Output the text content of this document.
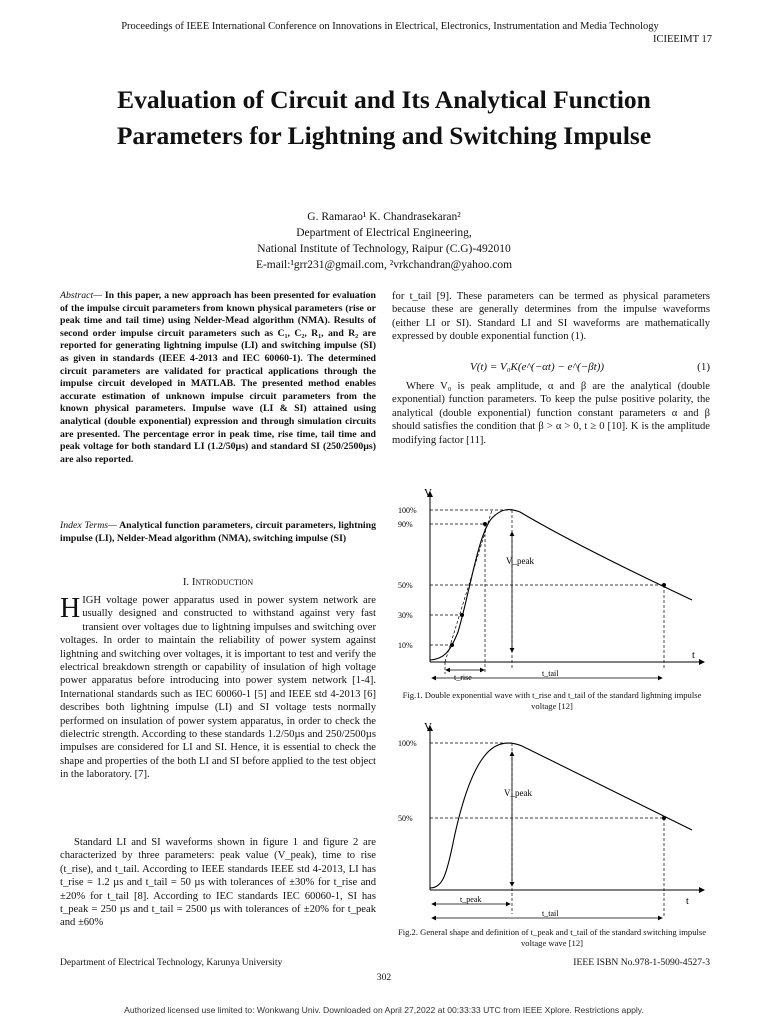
Proceedings of IEEE International Conference on Innovations in Electrical, Electronics, Instrumentation and Media Technology
ICIEEIMT 17
Evaluation of Circuit and Its Analytical Function Parameters for Lightning and Switching Impulse
G. Ramarao¹ K. Chandrasekaran²
Department of Electrical Engineering,
National Institute of Technology, Raipur (C.G)-492010
E-mail:¹grr231@gmail.com, ²vrkchandran@yahoo.com
Abstract— In this paper, a new approach has been presented for evaluation of the impulse circuit parameters from known physical parameters (rise or peak time and tail time) using Nelder-Mead algorithm (NMA). Results of second order impulse circuit parameters such as C₁, C₂, R₁, and R₂ are reported for generating lightning impulse (LI) and switching impulse (SI) as given in standards (IEEE 4-2013 and IEC 60060-1). The determined circuit parameters are validated for practical applications through the impulse circuit developed in MATLAB. The presented method enables accurate estimation of unknown impulse circuit parameters from the known physical parameters. Impulse wave (LI & SI) attained using analytical (double exponential) expression and through simulation circuits are presented. The percentage error in peak time, rise time, tail time and peak voltage for both standard LI (1.2/50µs) and standard SI (250/2500µs) are also reported.
Index Terms— Analytical function parameters, circuit parameters, lightning impulse (LI), Nelder-Mead algorithm (NMA), switching impulse (SI)
I. Introduction
HIGH voltage power apparatus used in power system network are usually designed and constructed to withstand against very fast transient over voltages due to lightning impulses and switching over voltages. In order to maintain the reliability of power system against lightning and switching over voltages, it is important to test and verify the electrical breakdown strength or capability of insulation of high voltage power apparatus before introducing into power system network [1-4]. International standards such as IEC 60060-1 [5] and IEEE std 4-2013 [6] describes both lightning impulse (LI) and SI voltage tests normally performed on insulation of power system apparatus, in order to check the dielectric strength. According to these standards 1.2/50µs and 250/2500µs impulses are considered for LI and SI. Hence, it is essential to check the shape and properties of the both LI and SI before applied to the test object in the laboratory. [7].
Standard LI and SI waveforms shown in figure 1 and figure 2 are characterized by three parameters: peak value (V_peak), time to rise (t_rise), and t_tail. According to IEEE standards IEEE std 4-2013, LI has t_rise = 1.2 µs and t_tail = 50 µs with tolerances of ±30% for t_rise and ±20% for t_tail [8]. According to IEC standards IEC 60060-1, SI has t_peak = 250 µs and t_tail = 2500 µs with tolerances of ±20% for t_peak and ±60%
for t_tail [9]. These parameters can be termed as physical parameters because these are generally determines from the impulse waveforms (either LI or SI). Standard LI and SI waveforms are mathematically expressed by double exponential function (1).
V(t) = V₀K(e^(−αt) − e^(−βt))	(1)
Where V₀ is peak amplitude, α and β are the analytical (double exponential) function parameters. To keep the pulse positive polarity, the analytical (double exponential) function constant parameters α and β should satisfies the condition that β > α > 0, t ≥ 0 [10]. K is the amplitude modifying factor [11].
V
t
100%
90%
50%
30%
10%
V_peak
t_rise	t_tail
Fig.1. Double exponential wave with t_rise and t_tail of the standard lightning impulse voltage [12]
V
t
100%
50%
V_peak
t_peak
t_tail
Fig.2. General shape and definition of t_peak and t_tail of the standard switching impulse voltage wave [12]
Department of Electrical Technology, Karunya University	IEEE ISBN No.978-1-5090-4527-3
302
Authorized licensed use limited to: Wonkwang Univ. Downloaded on April 27,2022 at 00:33:33 UTC from IEEE Xplore. Restrictions apply.
